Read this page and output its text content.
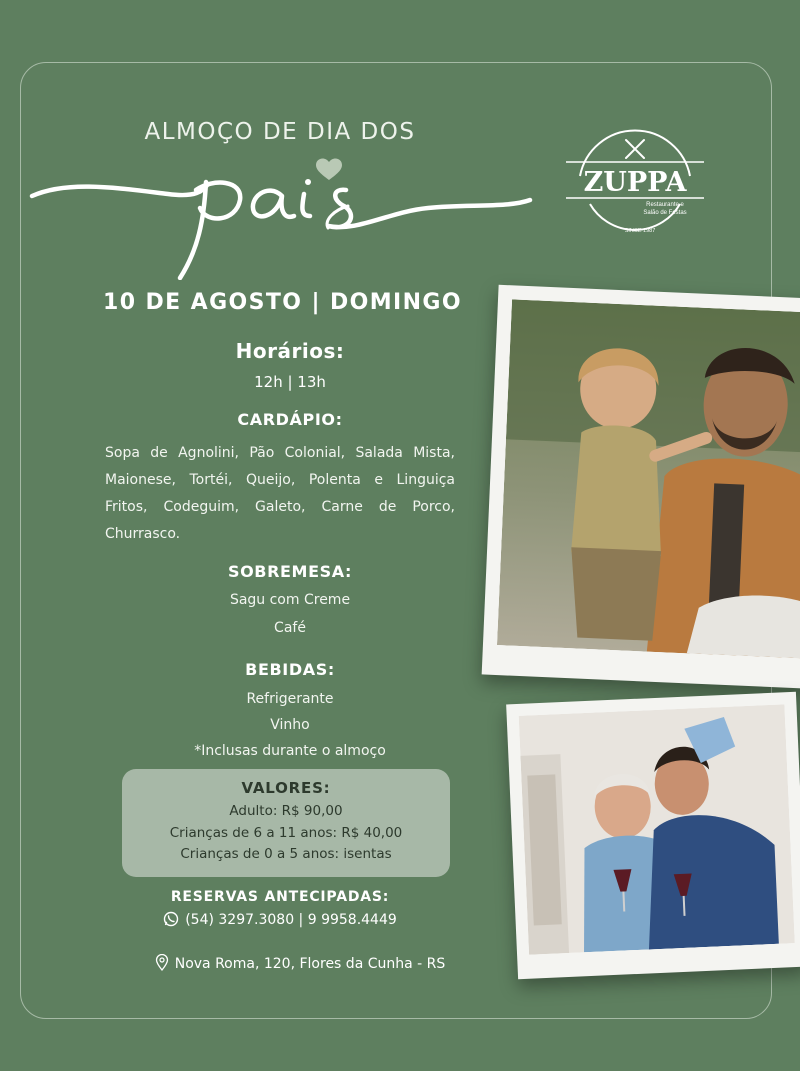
ALMOÇO DE DIA DOS
ZUPPA
Restaurante e
Salão de Festas
SINCE 1987
10 DE AGOSTO | DOMINGO
Horários:
12h | 13h
CARDÁPIO:
Sopa de Agnolini, Pão Colonial, Salada Mista, Maionese, Tortéi, Queijo, Polenta e Linguiça Fritos, Codeguim, Galeto, Carne de Porco, Churrasco.
SOBREMESA:
Sagu com Creme
Café
BEBIDAS:
Refrigerante
Vinho
*Inclusas durante o almoço
VALORES:
Adulto: R$ 90,00
Crianças de 6 a 11 anos: R$ 40,00
Crianças de 0 a 5 anos: isentas
RESERVAS ANTECIPADAS:
(54) 3297.3080 | 9 9958.4449
Nova Roma, 120, Flores da Cunha - RS
